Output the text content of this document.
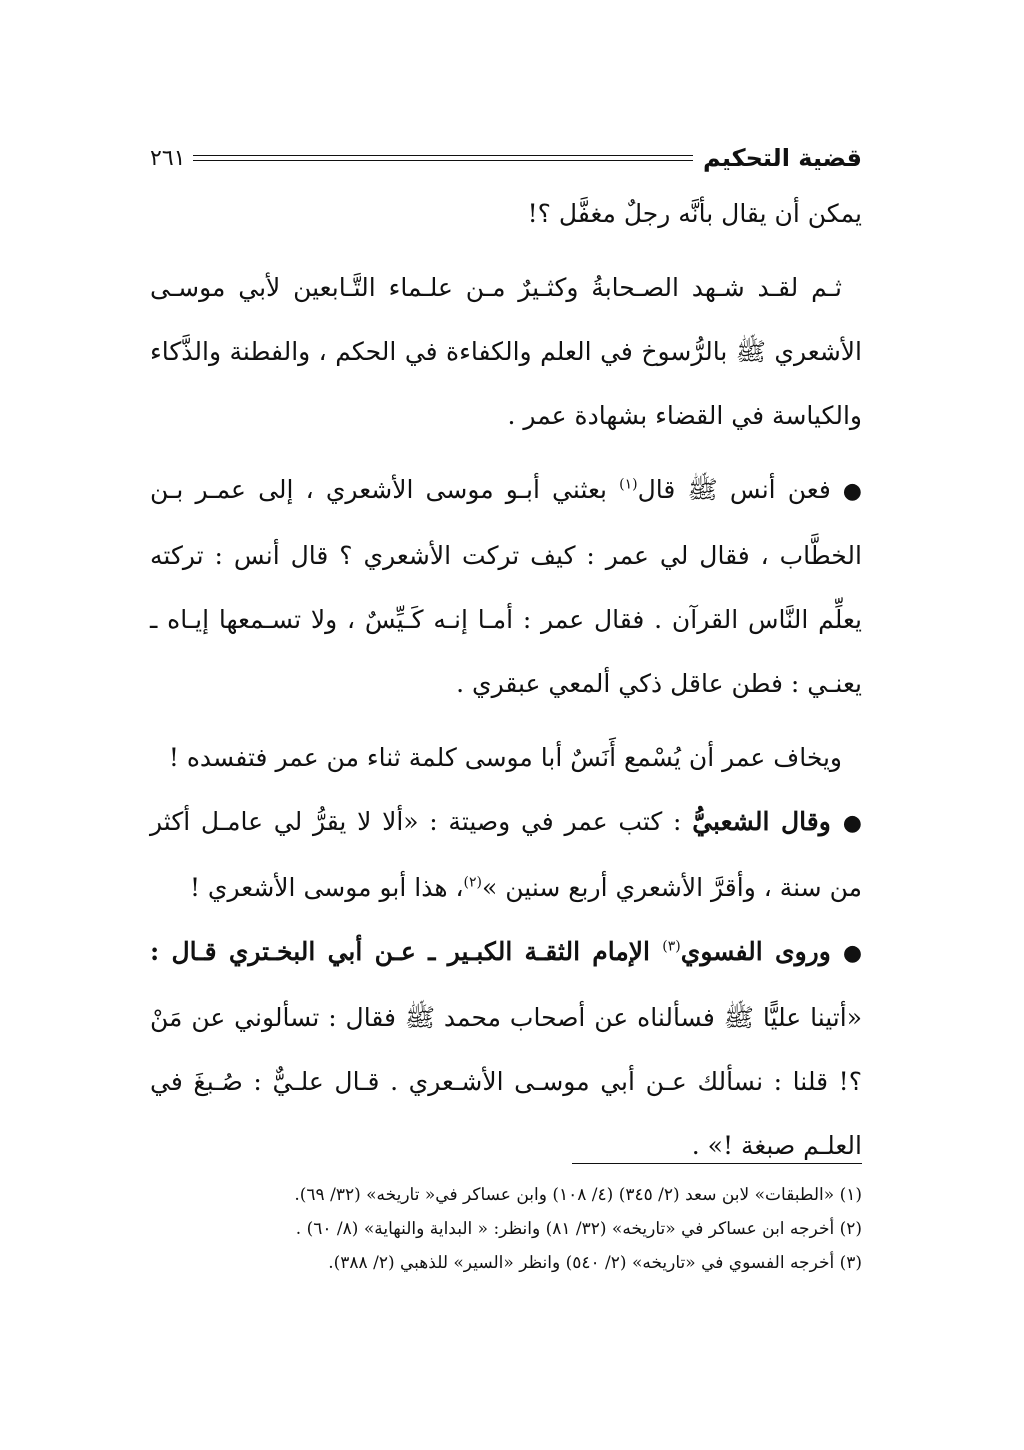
قضية التحكيم
٢٦١

يمكن أن يقال بأنَّه رجلٌ مغفَّل ؟!

ثـم لقـد شـهد الصـحابةُ وكثـيرٌ مـن علـماء التَّـابعين لأبي موسـى الأشعري ﷺ بالرُّسوخ في العلم والكفاءة في الحكم ، والفطنة والذَّكاء والكياسة في القضاء بشهادة عمر .

●فعن أنس ﷺ قال$^{(١)}$ بعثني أبـو موسى الأشعري ، إلى عمـر بـن الخطَّاب ، فقال لي عمر : كيف تركت الأشعري ؟ قال أنس : تركته يعلِّم النَّاس القرآن . فقال عمر : أمـا إنـه كَـيِّسٌ ، ولا تسـمعها إيـاه ـ يعنـي : فطن عاقل ذكي ألمعي عبقري .

ويخاف عمر أن يُسْمع أَنَسٌ أبا موسى كلمة ثناء من عمر فتفسده !

●وقال الشعبيُّ : كتب عمر في وصيتة : «ألا لا يقرُّ لي عامـل أكثر من سنة ، وأقرَّ الأشعري أربع سنين »$^{(٢)}$، هذا أبو موسى الأشعري !

●وروى الفسوي$^{(٣)}$ الإمام الثقـة الكبـير ـ عـن أبي البخـتري قـال : «أتينا عليًّا ﷺ فسألناه عن أصحاب محمد ﷺ فقال : تسألوني عن مَنْ ؟! قلنا : نسألك عـن أبي موسـى الأشـعري . قـال علـيٌّ : صُـبغَ في العلـم صبغة !» .

(١) «الطبقات» لابن سعد (٢/ ٣٤٥) (٤/ ١٠٨) وابن عساكر في« تاريخه» (٣٢/ ٦٩).
(٢) أخرجه ابن عساكر في «تاريخه» (٣٢/ ٨١) وانظر: « البداية والنهاية» (٨/ ٦٠) .
(٣) أخرجه الفسوي في «تاريخه» (٢/ ٥٤٠) وانظر «السير» للذهبي (٢/ ٣٨٨).
